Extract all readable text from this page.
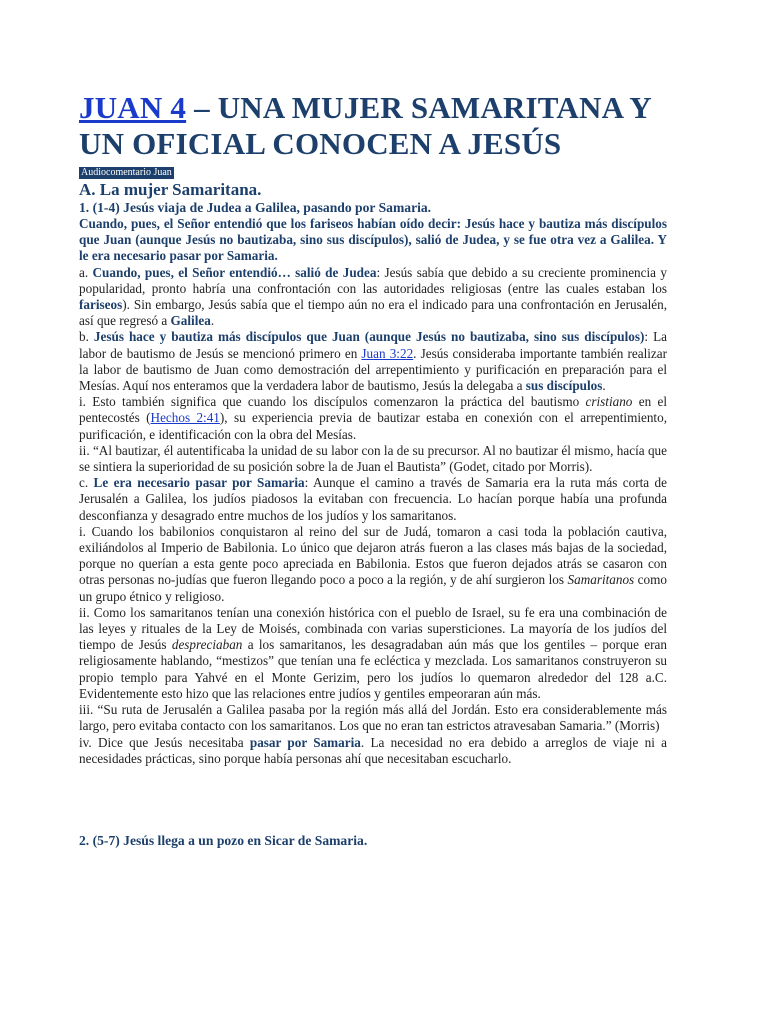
JUAN 4 – UNA MUJER SAMARITANA Y UN OFICIAL CONOCEN A JESÚS
Audiocomentario Juan
A. La mujer Samaritana.
1. (1-4) Jesús viaja de Judea a Galilea, pasando por Samaria.

Cuando, pues, el Señor entendió que los fariseos habían oído decir: Jesús hace y bautiza más discípulos que Juan (aunque Jesús no bautizaba, sino sus discípulos), salió de Judea, y se fue otra vez a Galilea. Y le era necesario pasar por Samaria.

a. Cuando, pues, el Señor entendió… salió de Judea: Jesús sabía que debido a su creciente prominencia y popularidad, pronto habría una confrontación con las autoridades religiosas (entre las cuales estaban los fariseos). Sin embargo, Jesús sabía que el tiempo aún no era el indicado para una confrontación en Jerusalén, así que regresó a Galilea.

b. Jesús hace y bautiza más discípulos que Juan (aunque Jesús no bautizaba, sino sus discípulos): La labor de bautismo de Jesús se mencionó primero en Juan 3:22. Jesús consideraba importante también realizar la labor de bautismo de Juan como demostración del arrepentimiento y purificación en preparación para el Mesías. Aquí nos enteramos que la verdadera labor de bautismo, Jesús la delegaba a sus discípulos.

i. Esto también significa que cuando los discípulos comenzaron la práctica del bautismo cristiano en el pentecostés (Hechos 2:41), su experiencia previa de bautizar estaba en conexión con el arrepentimiento, purificación, e identificación con la obra del Mesías.

ii. “Al bautizar, él autentificaba la unidad de su labor con la de su precursor. Al no bautizar él mismo, hacía que se sintiera la superioridad de su posición sobre la de Juan el Bautista” (Godet, citado por Morris).

c. Le era necesario pasar por Samaria: Aunque el camino a través de Samaria era la ruta más corta de Jerusalén a Galilea, los judíos piadosos la evitaban con frecuencia. Lo hacían porque había una profunda desconfianza y desagrado entre muchos de los judíos y los samaritanos.

i. Cuando los babilonios conquistaron al reino del sur de Judá, tomaron a casi toda la población cautiva, exiliándolos al Imperio de Babilonia. Lo único que dejaron atrás fueron a las clases más bajas de la sociedad, porque no querían a esta gente poco apreciada en Babilonia. Estos que fueron dejados atrás se casaron con otras personas no-judías que fueron llegando poco a poco a la región, y de ahí surgieron los Samaritanos como un grupo étnico y religioso.

ii. Como los samaritanos tenían una conexión histórica con el pueblo de Israel, su fe era una combinación de las leyes y rituales de la Ley de Moisés, combinada con varias supersticiones. La mayoría de los judíos del tiempo de Jesús despreciaban a los samaritanos, les desagradaban aún más que los gentiles – porque eran religiosamente hablando, “mestizos” que tenían una fe ecléctica y mezclada. Los samaritanos construyeron su propio templo para Yahvé en el Monte Gerizim, pero los judíos lo quemaron alrededor del 128 a.C. Evidentemente esto hizo que las relaciones entre judíos y gentiles empeoraran aún más.

iii. “Su ruta de Jerusalén a Galilea pasaba por la región más allá del Jordán. Esto era considerablemente más largo, pero evitaba contacto con los samaritanos. Los que no eran tan estrictos atravesaban Samaria.” (Morris)

iv. Dice que Jesús necesitaba pasar por Samaria. La necesidad no era debido a arreglos de viaje ni a necesidades prácticas, sino porque había personas ahí que necesitaban escucharlo.

2. (5-7) Jesús llega a un pozo en Sicar de Samaria.
